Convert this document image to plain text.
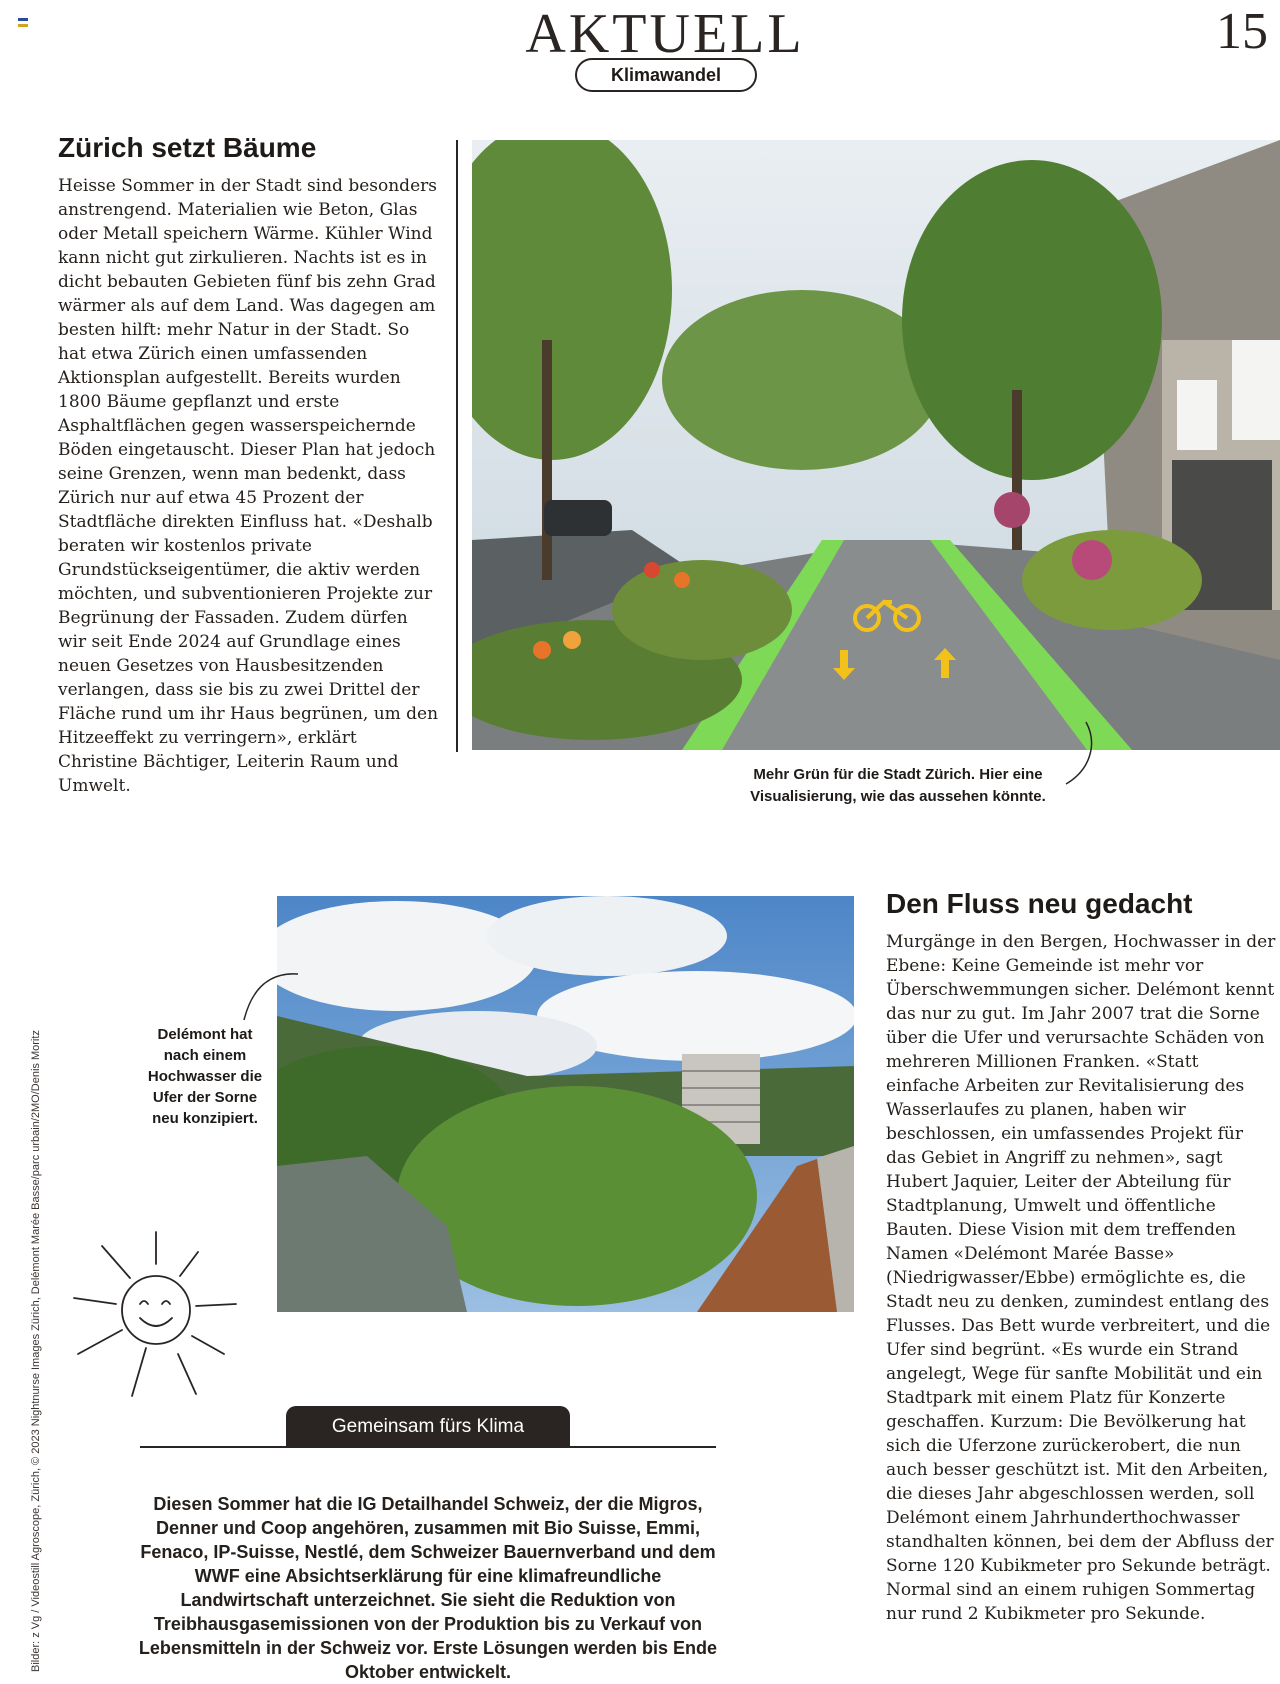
AKTUELL	15
Klimawandel
Zürich setzt Bäume

Heisse Sommer in der Stadt sind besonders anstrengend. Materialien wie Beton, Glas oder Metall speichern Wärme. Kühler Wind kann nicht gut zirkulieren. Nachts ist es in dicht bebauten Gebieten fünf bis zehn Grad wärmer als auf dem Land. Was dagegen am besten hilft: mehr Natur in der Stadt. So hat etwa Zürich einen umfassenden Aktionsplan aufgestellt. Bereits wurden 1800 Bäume gepflanzt und erste Asphaltflächen gegen wasserspeichernde Böden eingetauscht. Dieser Plan hat jedoch seine Grenzen, wenn man bedenkt, dass Zürich nur auf etwa 45 Prozent der Stadtfläche direkten Einfluss hat. «Deshalb beraten wir kostenlos private Grundstückseigentümer, die aktiv werden möchten, und subventionieren Projekte zur Begrünung der Fassaden. Zudem dürfen wir seit Ende 2024 auf Grundlage eines neuen Gesetzes von Hausbesitzenden verlangen, dass sie bis zu zwei Drittel der Fläche rund um ihr Haus begrünen, um den Hitzeeffekt zu verringern», erklärt Christine Bächtiger, Leiterin Raum und Umwelt.

Mehr Grün für die Stadt Zürich. Hier eine Visualisierung, wie das aussehen könnte.
Delémont hat nach einem Hochwasser die Ufer der Sorne neu konzipiert.
Den Fluss neu gedacht

Murgänge in den Bergen, Hochwasser in der Ebene: Keine Gemeinde ist mehr vor Überschwemmungen sicher. Delémont kennt das nur zu gut. Im Jahr 2007 trat die Sorne über die Ufer und verursachte Schäden von mehreren Millionen Franken. «Statt einfache Arbeiten zur Revitalisierung des Wasserlaufes zu planen, haben wir beschlossen, ein umfassendes Projekt für das Gebiet in Angriff zu nehmen», sagt Hubert Jaquier, Leiter der Abteilung für Stadtplanung, Umwelt und öffentliche Bauten. Diese Vision mit dem treffenden Namen «Delémont Marée Basse» (Niedrigwasser/Ebbe) ermöglichte es, die Stadt neu zu denken, zumindest entlang des Flusses. Das Bett wurde verbreitert, und die Ufer sind begrünt. «Es wurde ein Strand angelegt, Wege für sanfte Mobilität und ein Stadtpark mit einem Platz für Konzerte geschaffen. Kurzum: Die Bevölkerung hat sich die Uferzone zurückerobert, die nun auch besser geschützt ist. Mit den Arbeiten, die dieses Jahr abgeschlossen werden, soll Delémont einem Jahrhunderthochwasser standhalten können, bei dem der Abfluss der Sorne 120 Kubikmeter pro Sekunde beträgt. Normal sind an einem ruhigen Sommertag nur rund 2 Kubikmeter pro Sekunde.

Gemeinsam fürs Klima

Diesen Sommer hat die IG Detailhandel Schweiz, der die Migros, Denner und Coop angehören, zusammen mit Bio Suisse, Emmi, Fenaco, IP-Suisse, Nestlé, dem Schweizer Bauernverband und dem WWF eine Absichtserklärung für eine klimafreundliche Landwirtschaft unterzeichnet. Sie sieht die Reduktion von Treibhausgasemissionen von der Produktion bis zu Verkauf von Lebensmitteln in der Schweiz vor. Erste Lösungen werden bis Ende Oktober entwickelt.

Bilder: z Vg / Videostill Agroscope, Zürich, © 2023 Nightnurse Images Zürich, Delémont Marée Basse/parc urbain/2MO/Denis Moritz
